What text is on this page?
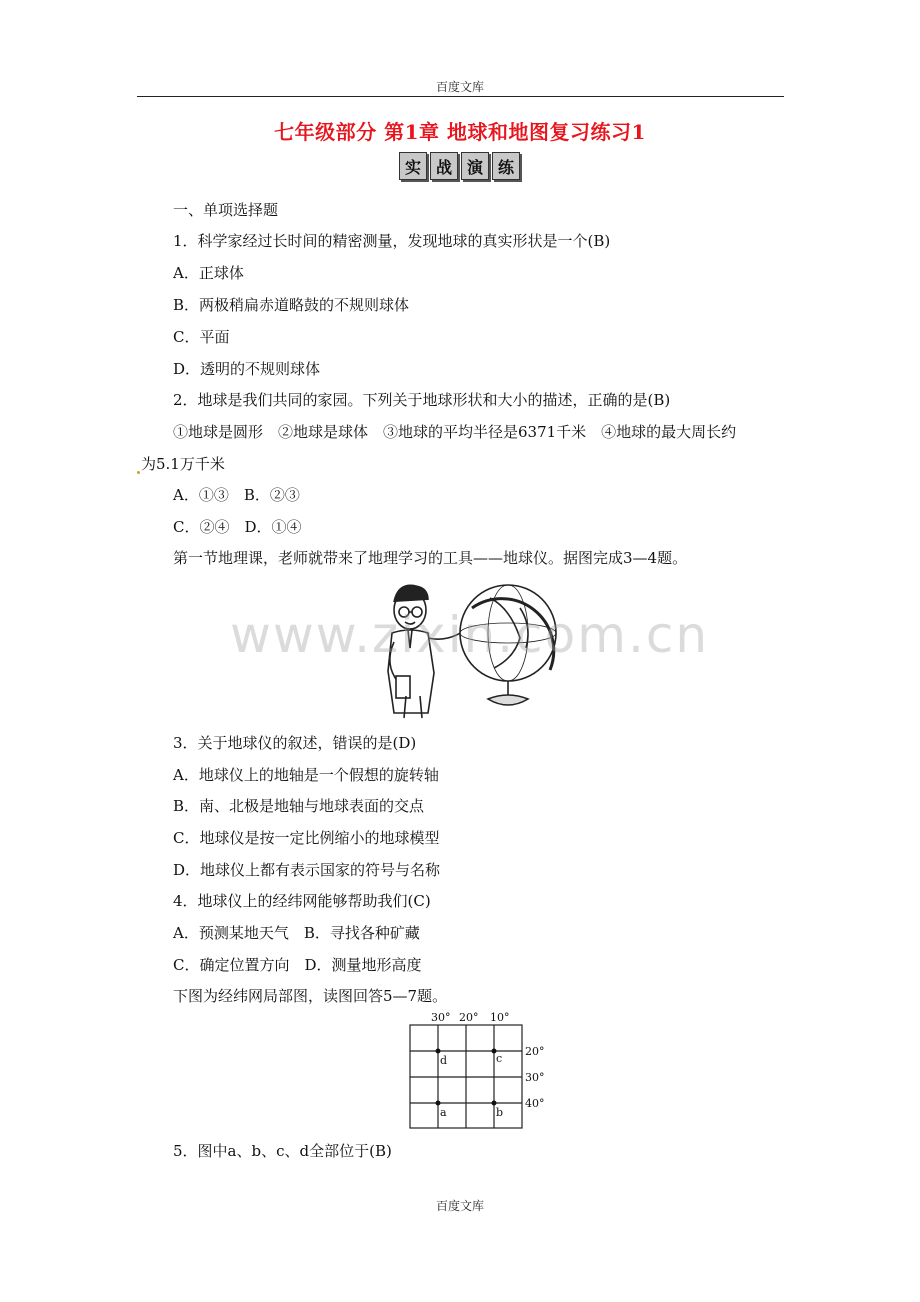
百度文库
七年级部分 第1章 地球和地图复习练习1
实 战 演 练
一、单项选择题
1．科学家经过长时间的精密测量，发现地球的真实形状是一个(B)
A．正球体
B．两极稍扁赤道略鼓的不规则球体
C．平面
D．透明的不规则球体
2．地球是我们共同的家园。下列关于地球形状和大小的描述，正确的是(B)
①地球是圆形　②地球是球体　③地球的平均半径是6371千米　④地球的最大周长约
为5.1万千米
A．①③　B．②③
C．②④　D．①④
第一节地理课，老师就带来了地理学习的工具——地球仪。据图完成3—4题。
www.zixin.com.cn
3．关于地球仪的叙述，错误的是(D)
A．地球仪上的地轴是一个假想的旋转轴
B．南、北极是地轴与地球表面的交点
C．地球仪是按一定比例缩小的地球模型
D．地球仪上都有表示国家的符号与名称
4．地球仪上的经纬网能够帮助我们(C)
A．预测某地天气　B．寻找各种矿藏
C．确定位置方向　D．测量地形高度
下图为经纬网局部图，读图回答5—7题。
30° 20° 10°
20°
30°
40°
d	c
a	b
5．图中a、b、c、d全部位于(B)
百度文库
